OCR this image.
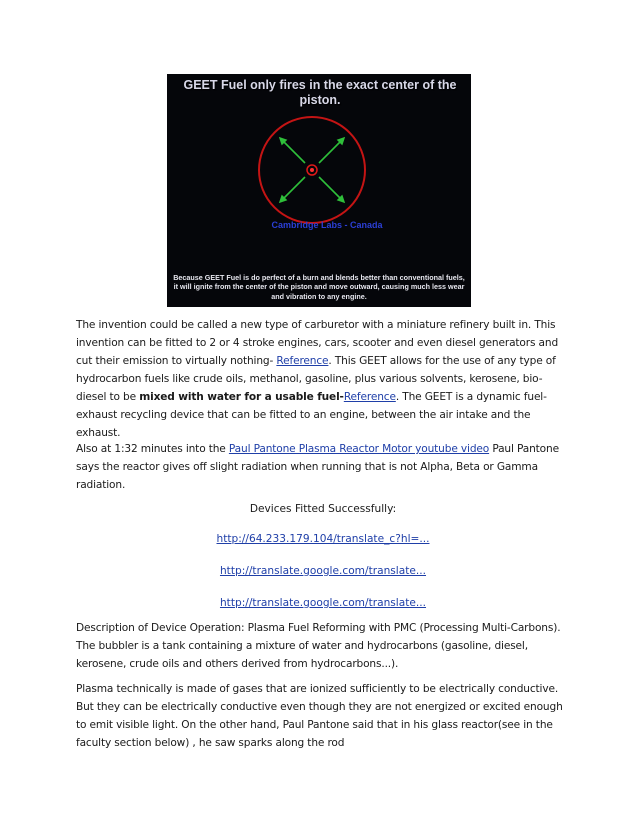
GEET Fuel only fires in the exact center of the piston.
Cambridge Labs - Canada
Because GEET Fuel is do perfect of a burn and blends better than conventional fuels, it will ignite from the center of the piston and move outward, causing much less wear and vibration to any engine.

The invention could be called a new type of carburetor with a miniature refinery built in. This invention can be fitted to 2 or 4 stroke engines, cars, scooter and even diesel generators and cut their emission to virtually nothing- Reference. This GEET allows for the use of any type of hydrocarbon fuels like crude oils, methanol, gasoline, plus various solvents, kerosene, bio-diesel to be mixed with water for a usable fuel-Reference. The GEET is a dynamic fuel-exhaust recycling device that can be fitted to an engine, between the air intake and the exhaust.

Also at 1:32 minutes into the Paul Pantone Plasma Reactor Motor youtube video Paul Pantone says the reactor gives off slight radiation when running that is not Alpha, Beta or Gamma radiation.

Devices Fitted Successfully:
http://64.233.179.104/translate_c?hl=...
http://translate.google.com/translate...
http://translate.google.com/translate...

Description of Device Operation: Plasma Fuel Reforming with PMC (Processing Multi-Carbons). The bubbler is a tank containing a mixture of water and hydrocarbons (gasoline, diesel, kerosene, crude oils and others derived from hydrocarbons...).

Plasma technically is made of gases that are ionized sufficiently to be electrically conductive. But they can be electrically conductive even though they are not energized or excited enough to emit visible light. On the other hand, Paul Pantone said that in his glass reactor(see in the faculty section below) , he saw sparks along the rod
